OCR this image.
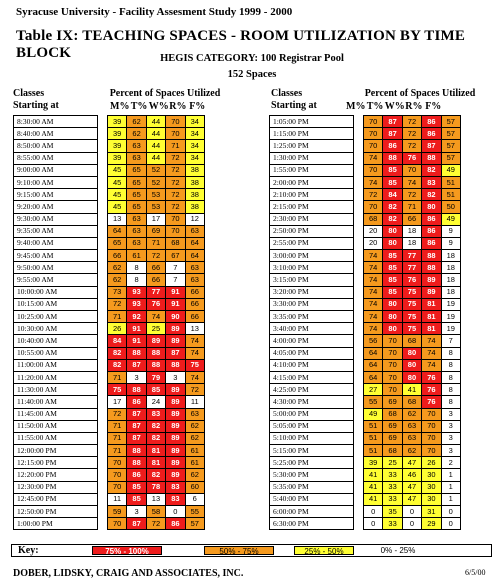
Syracuse University - Facility Assesment Study 1999 - 2000
Table IX: TEACHING SPACES - ROOM UTILIZATION BY TIME BLOCK	HEGIS CATEGORY: 100 Registrar Pool
152 Spaces
Classes
Starting at
Percent of Spaces Utilized
M% T% W% R% F%
Classes
Starting at
Percent of Spaces Utilized
M% T% W% R% F%
8:30:00 AM		39	62	44	70	34
8:40:00 AM		39	62	44	70	34
8:50:00 AM		39	63	44	71	34
8:55:00 AM		39	63	44	72	34
9:00:00 AM		45	65	52	72	38
9:10:00 AM		45	65	52	72	38
9:15:00 AM		45	65	53	72	38
9:20:00 AM		45	65	53	72	38
9:30:00 AM		13	63	17	70	12
9:35:00 AM		64	63	69	70	63
9:40:00 AM		65	63	71	68	64
9:45:00 AM		66	61	72	67	64
9:50:00 AM		62	8	66	7	63
9:55:00 AM		62	8	66	7	63
10:00:00 AM		73	93	77	91	66
10:15:00 AM		72	93	76	91	66
10:25:00 AM		71	92	74	90	66
10:30:00 AM		26	91	25	89	13
10:40:00 AM		84	91	89	89	74
10:55:00 AM		82	88	88	87	74
11:00:00 AM		82	87	88	88	75
11:20:00 AM		71	3	79	3	74
11:30:00 AM		75	88	85	89	72
11:40:00 AM		17	86	24	89	11
11:45:00 AM		72	87	83	89	63
11:50:00 AM		71	87	82	89	62
11:55:00 AM		71	87	82	89	62
12:00:00 PM		71	88	81	89	61
12:15:00 PM		70	88	81	89	61
12:20:00 PM		70	86	82	89	62
12:30:00 PM		70	85	78	83	60
12:45:00 PM		11	85	13	83	6
12:50:00 PM		59	3	58	0	55
1:00:00 PM		70	87	72	86	57
1:05:00 PM		70	87	72	86	57
1:15:00 PM		70	87	72	86	57
1:25:00 PM		70	86	72	87	57
1:30:00 PM		74	88	76	88	57
1:55:00 PM		70	85	70	82	49
2:00:00 PM		74	85	74	83	51
2:10:00 PM		72	84	72	82	51
2:15:00 PM		70	82	71	80	50
2:30:00 PM		68	82	66	86	49
2:50:00 PM		20	80	18	86	9
2:55:00 PM		20	80	18	86	9
3:00:00 PM		74	85	77	88	18
3:10:00 PM		74	85	77	88	18
3:15:00 PM		74	85	76	89	18
3:20:00 PM		74	85	75	89	18
3:30:00 PM		74	80	75	81	19
3:35:00 PM		74	80	75	81	19
3:40:00 PM		74	80	75	81	19
4:00:00 PM		56	70	68	74	7
4:05:00 PM		64	70	80	74	8
4:10:00 PM		64	70	80	74	8
4:15:00 PM		64	70	80	76	8
4:25:00 PM		27	70	41	76	8
4:30:00 PM		55	69	68	76	8
5:00:00 PM		49	68	62	70	3
5:05:00 PM		51	69	63	70	3
5:10:00 PM		51	69	63	70	3
5:15:00 PM		51	68	62	70	3
5:25:00 PM		39	25	47	26	2
5:30:00 PM		41	33	46	30	1
5:35:00 PM		41	33	47	30	1
5:40:00 PM		41	33	47	30	1
6:00:00 PM		0	35	0	31	0
6:30:00 PM		0	33	0	29	0
Key:	75% - 100%	50% - 75%	25% - 50%	0% - 25%
DOBER, LIDSKY, CRAIG AND ASSOCIATES, INC.	6/5/00
